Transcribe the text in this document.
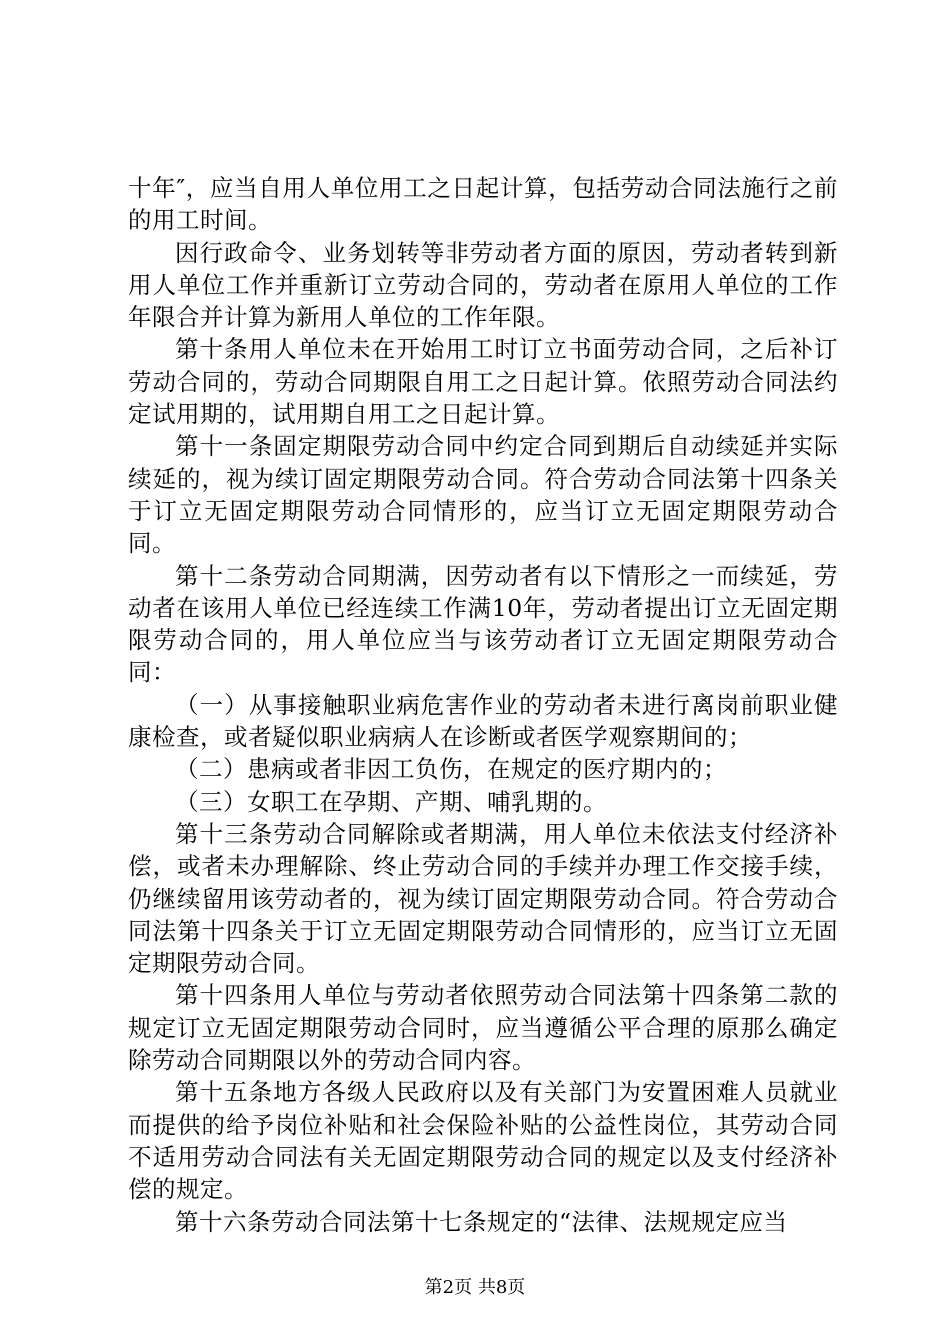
十年″，应当自用人单位用工之日起计算，包括劳动合同法施行之前的用工时间。

因行政命令、业务划转等非劳动者方面的原因，劳动者转到新用人单位工作并重新订立劳动合同的，劳动者在原用人单位的工作年限合并计算为新用人单位的工作年限。

第十条用人单位未在开始用工时订立书面劳动合同，之后补订劳动合同的，劳动合同期限自用工之日起计算。依照劳动合同法约定试用期的，试用期自用工之日起计算。

第十一条固定期限劳动合同中约定合同到期后自动续延并实际续延的，视为续订固定期限劳动合同。符合劳动合同法第十四条关于订立无固定期限劳动合同情形的，应当订立无固定期限劳动合同。

第十二条劳动合同期满，因劳动者有以下情形之一而续延，劳动者在该用人单位已经连续工作满10年，劳动者提出订立无固定期限劳动合同的，用人单位应当与该劳动者订立无固定期限劳动合同：

（一）从事接触职业病危害作业的劳动者未进行离岗前职业健康检查，或者疑似职业病病人在诊断或者医学观察期间的；

（二）患病或者非因工负伤，在规定的医疗期内的；

（三）女职工在孕期、产期、哺乳期的。

第十三条劳动合同解除或者期满，用人单位未依法支付经济补偿，或者未办理解除、终止劳动合同的手续并办理工作交接手续，仍继续留用该劳动者的，视为续订固定期限劳动合同。符合劳动合同法第十四条关于订立无固定期限劳动合同情形的，应当订立无固定期限劳动合同。

第十四条用人单位与劳动者依照劳动合同法第十四条第二款的规定订立无固定期限劳动合同时，应当遵循公平合理的原那么确定除劳动合同期限以外的劳动合同内容。

第十五条地方各级人民政府以及有关部门为安置困难人员就业而提供的给予岗位补贴和社会保险补贴的公益性岗位，其劳动合同不适用劳动合同法有关无固定期限劳动合同的规定以及支付经济补偿的规定。

第十六条劳动合同法第十七条规定的“法律、法规规定应当

第2页 共8页
